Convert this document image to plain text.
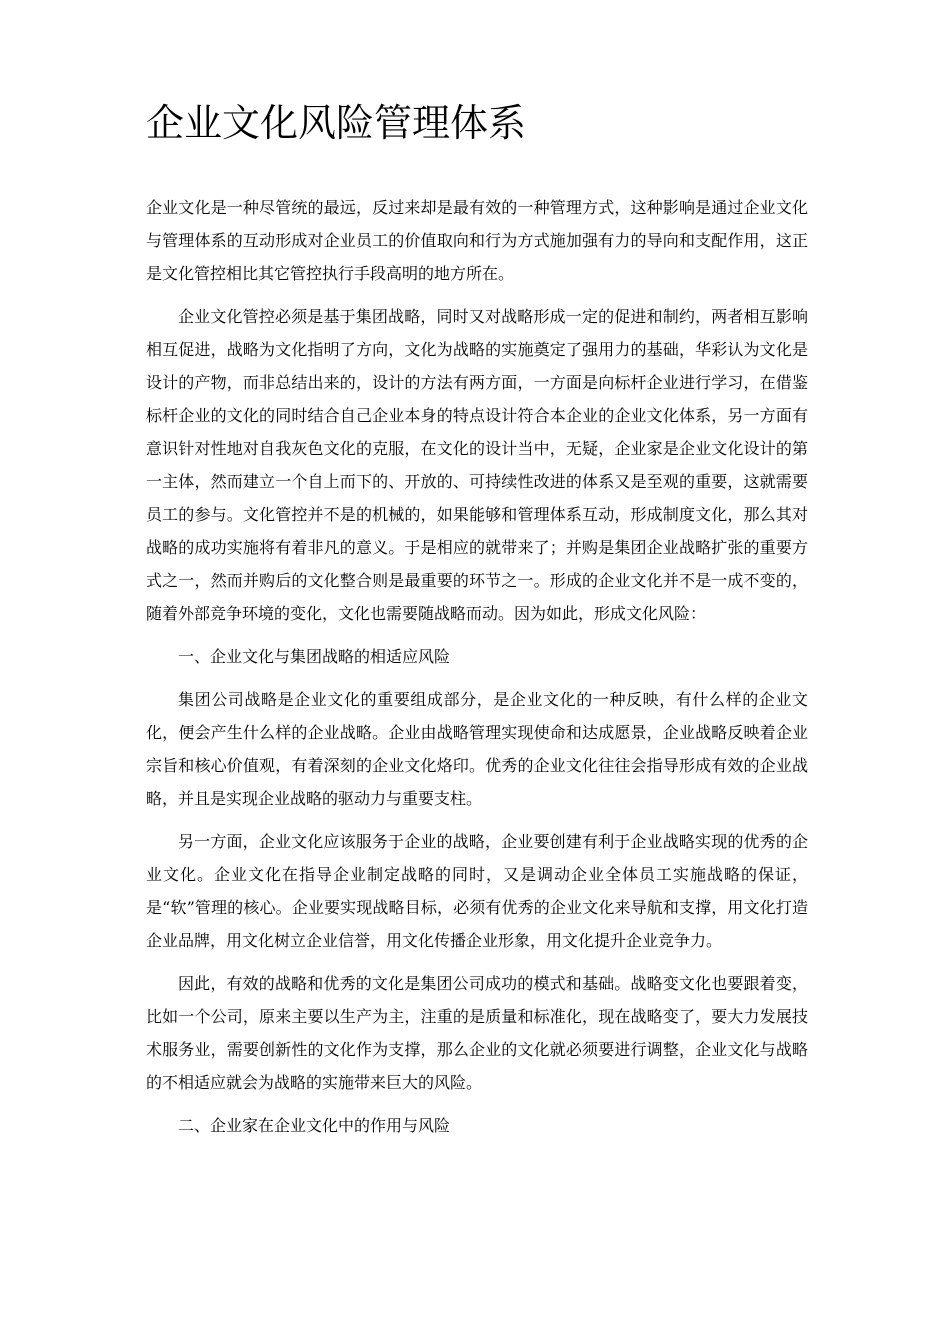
企业文化风险管理体系

企业文化是一种尽管统的最远，反过来却是最有效的一种管理方式，这种影响是通过企业文化与管理体系的互动形成对企业员工的价值取向和行为方式施加强有力的导向和支配作用，这正是文化管控相比其它管控执行手段高明的地方所在。

企业文化管控必须是基于集团战略，同时又对战略形成一定的促进和制约，两者相互影响相互促进，战略为文化指明了方向，文化为战略的实施奠定了强用力的基础，华彩认为文化是设计的产物，而非总结出来的，设计的方法有两方面，一方面是向标杆企业进行学习，在借鉴标杆企业的文化的同时结合自己企业本身的特点设计符合本企业的企业文化体系，另一方面有意识针对性地对自我灰色文化的克服，在文化的设计当中，无疑，企业家是企业文化设计的第一主体，然而建立一个自上而下的、开放的、可持续性改进的体系又是至观的重要，这就需要员工的参与。文化管控并不是的机械的，如果能够和管理体系互动，形成制度文化，那么其对战略的成功实施将有着非凡的意义。于是相应的就带来了；并购是集团企业战略扩张的重要方式之一，然而并购后的文化整合则是最重要的环节之一。形成的企业文化并不是一成不变的，随着外部竞争环境的变化，文化也需要随战略而动。因为如此，形成文化风险：

一、企业文化与集团战略的相适应风险

集团公司战略是企业文化的重要组成部分，是企业文化的一种反映，有什么样的企业文化，便会产生什么样的企业战略。企业由战略管理实现使命和达成愿景，企业战略反映着企业宗旨和核心价值观，有着深刻的企业文化烙印。优秀的企业文化往往会指导形成有效的企业战略，并且是实现企业战略的驱动力与重要支柱。

另一方面，企业文化应该服务于企业的战略，企业要创建有利于企业战略实现的优秀的企业文化。企业文化在指导企业制定战略的同时，又是调动企业全体员工实施战略的保证，是“软”管理的核心。企业要实现战略目标，必须有优秀的企业文化来导航和支撑，用文化打造企业品牌，用文化树立企业信誉，用文化传播企业形象，用文化提升企业竞争力。

因此，有效的战略和优秀的文化是集团公司成功的模式和基础。战略变文化也要跟着变，比如一个公司，原来主要以生产为主，注重的是质量和标准化，现在战略变了，要大力发展技术服务业，需要创新性的文化作为支撑，那么企业的文化就必须要进行调整，企业文化与战略的不相适应就会为战略的实施带来巨大的风险。

二、企业家在企业文化中的作用与风险
